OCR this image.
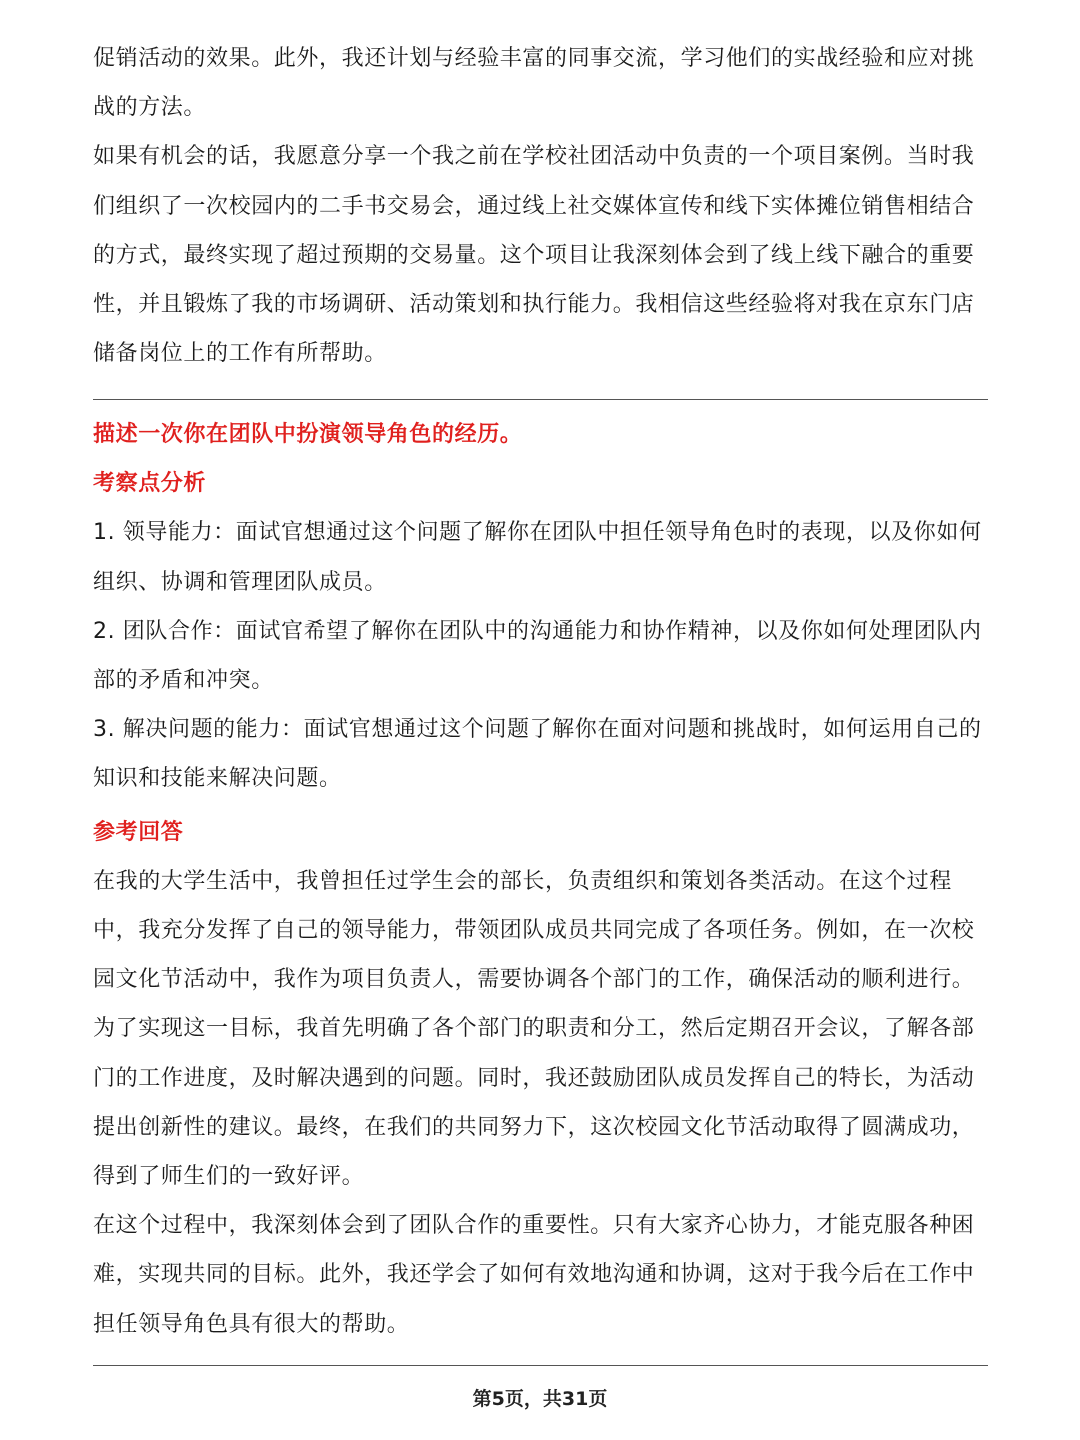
促销活动的效果。此外，我还计划与经验丰富的同事交流，学习他们的实战经验和应对挑战的方法。

如果有机会的话，我愿意分享一个我之前在学校社团活动中负责的一个项目案例。当时我们组织了一次校园内的二手书交易会，通过线上社交媒体宣传和线下实体摊位销售相结合的方式，最终实现了超过预期的交易量。这个项目让我深刻体会到了线上线下融合的重要性，并且锻炼了我的市场调研、活动策划和执行能力。我相信这些经验将对我在京东门店储备岗位上的工作有所帮助。

描述一次你在团队中扮演领导角色的经历。

考察点分析

1. 领导能力：面试官想通过这个问题了解你在团队中担任领导角色时的表现，以及你如何组织、协调和管理团队成员。

2. 团队合作：面试官希望了解你在团队中的沟通能力和协作精神，以及你如何处理团队内部的矛盾和冲突。

3. 解决问题的能力：面试官想通过这个问题了解你在面对问题和挑战时，如何运用自己的知识和技能来解决问题。

参考回答

在我的大学生活中，我曾担任过学生会的部长，负责组织和策划各类活动。在这个过程中，我充分发挥了自己的领导能力，带领团队成员共同完成了各项任务。例如，在一次校园文化节活动中，我作为项目负责人，需要协调各个部门的工作，确保活动的顺利进行。为了实现这一目标，我首先明确了各个部门的职责和分工，然后定期召开会议，了解各部门的工作进度，及时解决遇到的问题。同时，我还鼓励团队成员发挥自己的特长，为活动提出创新性的建议。最终，在我们的共同努力下，这次校园文化节活动取得了圆满成功，得到了师生们的一致好评。

在这个过程中，我深刻体会到了团队合作的重要性。只有大家齐心协力，才能克服各种困难，实现共同的目标。此外，我还学会了如何有效地沟通和协调，这对于我今后在工作中担任领导角色具有很大的帮助。

第5页，共31页
